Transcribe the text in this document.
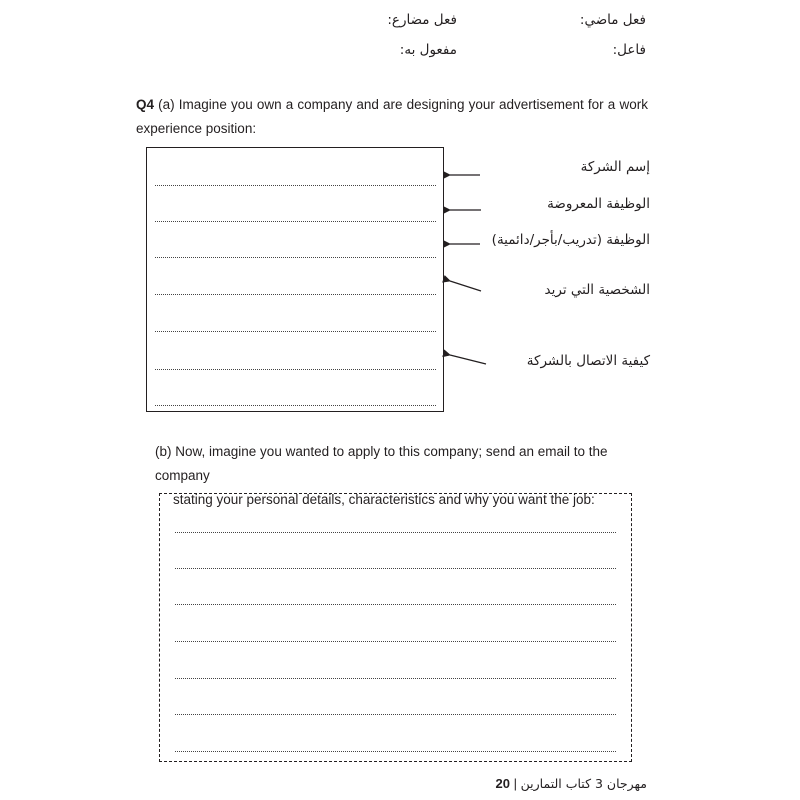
فعل ماضي:
فعل مضارع:
فاعل:
مفعول به:
Q4 (a) Imagine you own a company and are designing your advertisement for a work experience position:
إسم الشركة
الوظيفة المعروضة
الوظيفة (تدريب/بأجر/دائمية)
الشخصية التي تريد
كيفية الاتصال بالشركة
(b) Now, imagine you wanted to apply to this company; send an email to the company
stating your personal details, characteristics and why you want the job:
مهرجان 3 كتاب التمارين | 20
